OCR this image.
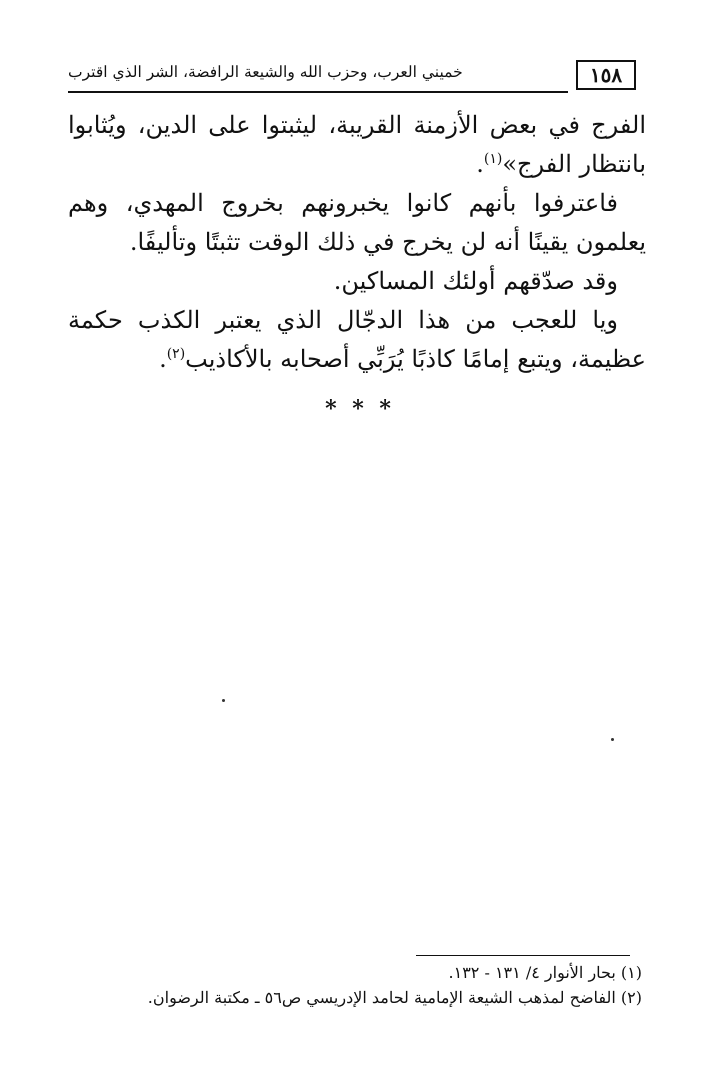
خميني العرب، وحزب الله والشيعة الرافضة، الشر الذي اقترب	١٥٨

الفرج في بعض الأزمنة القريبة، ليثبتوا على الدين، ويُثابوا بانتظار الفرج»$^{(١)}$.

فاعترفوا بأنهم كانوا يخبرونهم بخروج المهدي، وهم يعلمون يقينًا أنه لن يخرج في ذلك الوقت تثبتًا وتأليفًا.

وقد صدّقهم أولئك المساكين.

ويا للعجب من هذا الدجّال الذي يعتبر الكذب حكمة عظيمة، ويتبع إمامًا كاذبًا يُرَبِّي أصحابه بالأكاذيب$^{(٢)}$.

* * *
(١) بحار الأنوار ٤/ ١٣١ - ١٣٢.
(٢) الفاضح لمذهب الشيعة الإمامية لحامد الإدريسي ص٥٦ ـ مكتبة الرضوان.
